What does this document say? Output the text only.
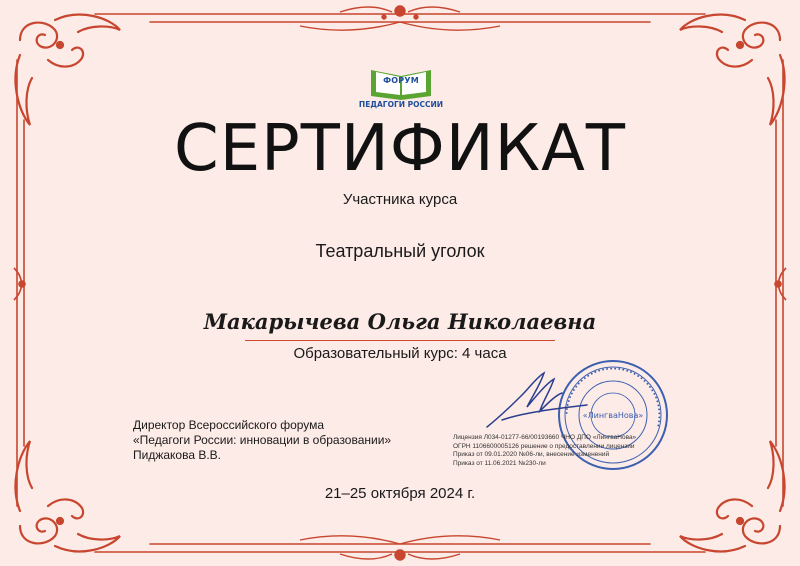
ФОРУМ
ПЕДАГОГИ РОССИИ
СЕРТИФИКАТ
Участника курса
Театральный уголок
Макарычева Ольга Николаевна
Образовательный курс: 4 часа
•••••••••••••••••••••••••••••••••••••••
«ЛингваНова»
Директор Всероссийского форума
«Педагоги России: инновации в образовании»
Пиджакова В.В.
Лицензия Л034-01277-66/00193660 ЧНО ДПО «ЛингваНова»
ОГРН 1106600005126 решение о предоставлении лицензии
Приказ от 09.01.2020 №06-ли, внесение изменений
Приказ от 11.06.2021 №230-ли
21–25 октября 2024 г.
